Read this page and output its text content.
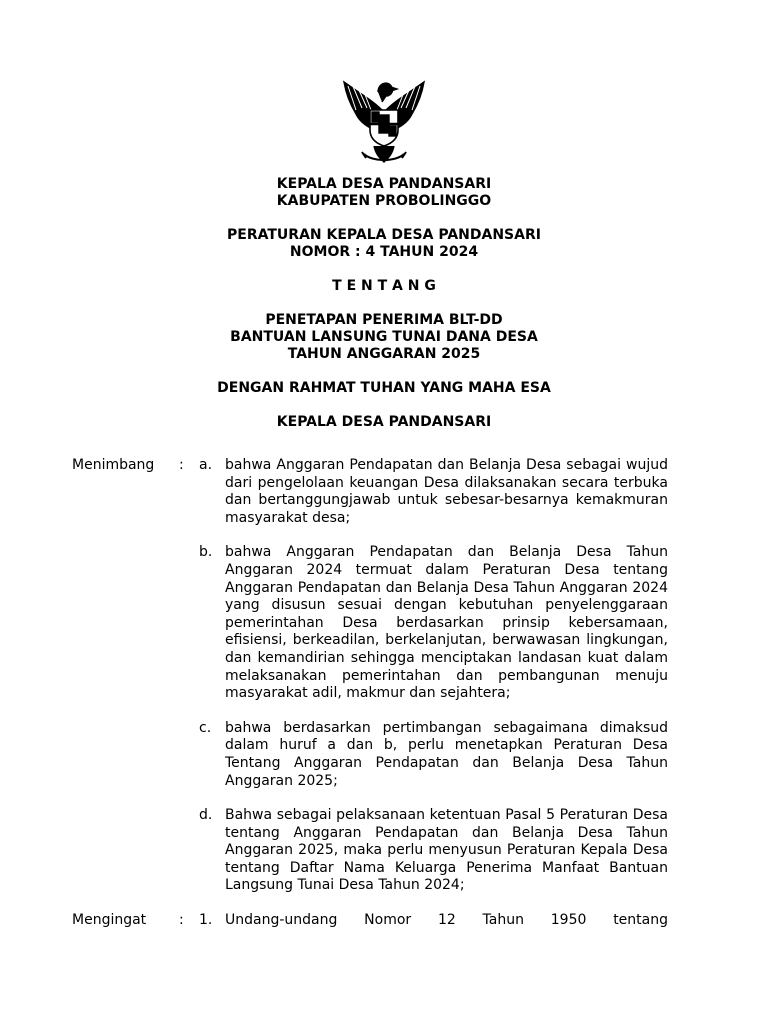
KEPALA DESA PANDANSARI
KABUPATEN PROBOLINGGO
PERATURAN KEPALA DESA PANDANSARI
NOMOR : 4 TAHUN 2024
T E N T A N G
PENETAPAN PENERIMA BLT-DD
BANTUAN LANSUNG TUNAI DANA DESA
TAHUN ANGGARAN 2025
DENGAN RAHMAT TUHAN YANG MAHA ESA
KEPALA DESA PANDANSARI
Menimbang	: a. bahwa Anggaran Pendapatan dan Belanja Desa sebagai wujud dari pengelolaan keuangan Desa dilaksanakan secara terbuka dan bertanggungjawab untuk sebesar-besarnya kemakmuran masyarakat desa;
b. bahwa Anggaran Pendapatan dan Belanja Desa Tahun Anggaran 2024 termuat dalam Peraturan Desa tentang Anggaran Pendapatan dan Belanja Desa Tahun Anggaran 2024 yang disusun sesuai dengan kebutuhan penyelenggaraan pemerintahan Desa berdasarkan prinsip kebersamaan, efisiensi, berkeadilan, berkelanjutan, berwawasan lingkungan, dan kemandirian sehingga menciptakan landasan kuat dalam melaksanakan pemerintahan dan pembangunan menuju masyarakat adil, makmur dan sejahtera;
c. bahwa berdasarkan pertimbangan sebagaimana dimaksud dalam huruf a dan b, perlu menetapkan Peraturan Desa Tentang Anggaran Pendapatan dan Belanja Desa Tahun Anggaran 2025;
d. Bahwa sebagai pelaksanaan ketentuan Pasal 5 Peraturan Desa tentang Anggaran Pendapatan dan Belanja Desa Tahun Anggaran 2025, maka perlu menyusun Peraturan Kepala Desa tentang Daftar Nama Keluarga Penerima Manfaat Bantuan Langsung Tunai Desa Tahun 2024;
Mengingat	: 1. Undang-undang Nomor 12 Tahun 1950 tentang
